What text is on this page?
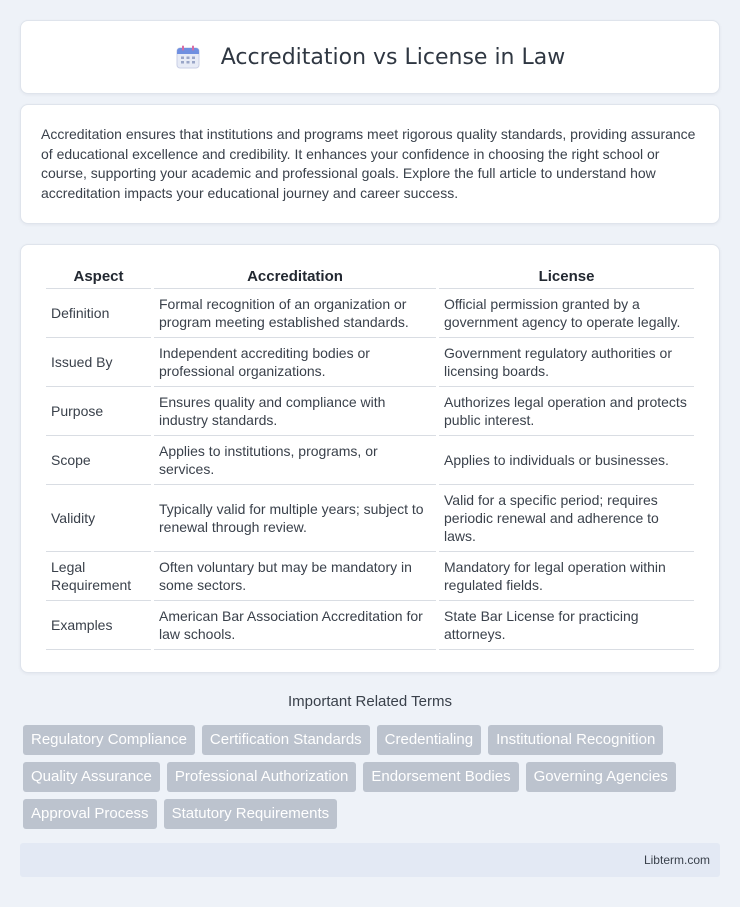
Accreditation vs License in Law

Accreditation ensures that institutions and programs meet rigorous quality standards, providing assurance of educational excellence and credibility. It enhances your confidence in choosing the right school or course, supporting your academic and professional goals. Explore the full article to understand how accreditation impacts your educational journey and career success.

Aspect	Accreditation	License
Definition	Formal recognition of an organization or program meeting established standards.	Official permission granted by a government agency to operate legally.
Issued By	Independent accrediting bodies or professional organizations.	Government regulatory authorities or licensing boards.
Purpose	Ensures quality and compliance with industry standards.	Authorizes legal operation and protects public interest.
Scope	Applies to institutions, programs, or services.	Applies to individuals or businesses.
Validity	Typically valid for multiple years; subject to renewal through review.	Valid for a specific period; requires periodic renewal and adherence to laws.
Legal Requirement	Often voluntary but may be mandatory in some sectors.	Mandatory for legal operation within regulated fields.
Examples	American Bar Association Accreditation for law schools.	State Bar License for practicing attorneys.
Important Related Terms
Regulatory Compliance	Certification Standards	Credentialing	Institutional Recognition
Quality Assurance	Professional Authorization	Endorsement Bodies	Governing Agencies
Approval Process	Statutory Requirements
Libterm.com
